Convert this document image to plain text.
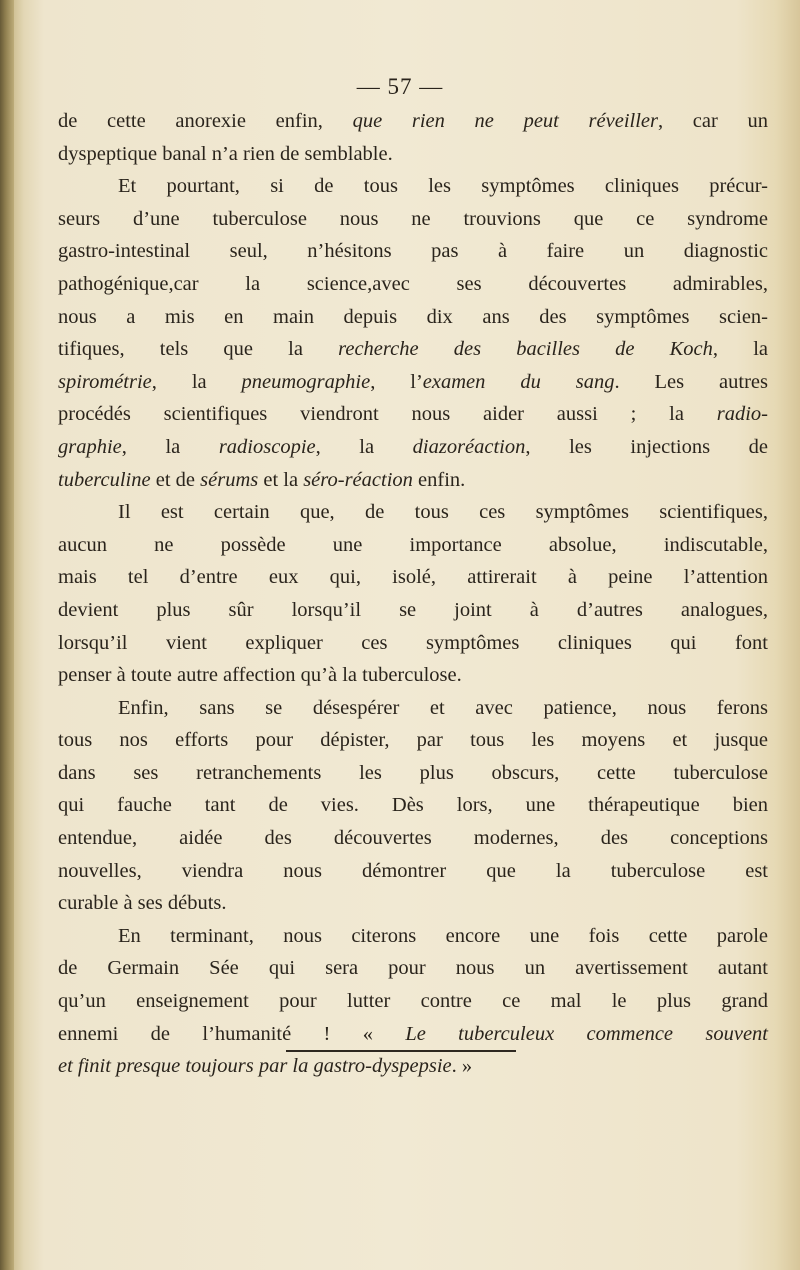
— 57 —
de cette anorexie enfin, que rien ne peut réveiller, car un
dyspeptique banal n’a rien de semblable.
Et pourtant, si de tous les symptômes cliniques précur-
seurs d’une tuberculose nous ne trouvions que ce syndrome
gastro-intestinal seul, n’hésitons pas à faire un diagnostic
pathogénique,car la science,avec ses découvertes admirables,
nous a mis en main depuis dix ans des symptômes scien-
tifiques, tels que la recherche des bacilles de Koch, la
spirométrie, la pneumographie, l’examen du sang. Les autres
procédés scientifiques viendront nous aider aussi ; la radio-
graphie, la radioscopie, la diazoréaction, les injections de
tuberculine et de sérums et la séro-réaction enfin.
Il est certain que, de tous ces symptômes scientifiques,
aucun ne possède une importance absolue, indiscutable,
mais tel d’entre eux qui, isolé, attirerait à peine l’attention
devient plus sûr lorsqu’il se joint à d’autres analogues,
lorsqu’il vient expliquer ces symptômes cliniques qui font
penser à toute autre affection qu’à la tuberculose.
Enfin, sans se désespérer et avec patience, nous ferons
tous nos efforts pour dépister, par tous les moyens et jusque
dans ses retranchements les plus obscurs, cette tuberculose
qui fauche tant de vies. Dès lors, une thérapeutique bien
entendue, aidée des découvertes modernes, des conceptions
nouvelles, viendra nous démontrer que la tuberculose est
curable à ses débuts.
En terminant, nous citerons encore une fois cette parole
de Germain Sée qui sera pour nous un avertissement autant
qu’un enseignement pour lutter contre ce mal le plus grand
ennemi de l’humanité ! « Le tuberculeux commence souvent
et finit presque toujours par la gastro-dyspepsie. »
